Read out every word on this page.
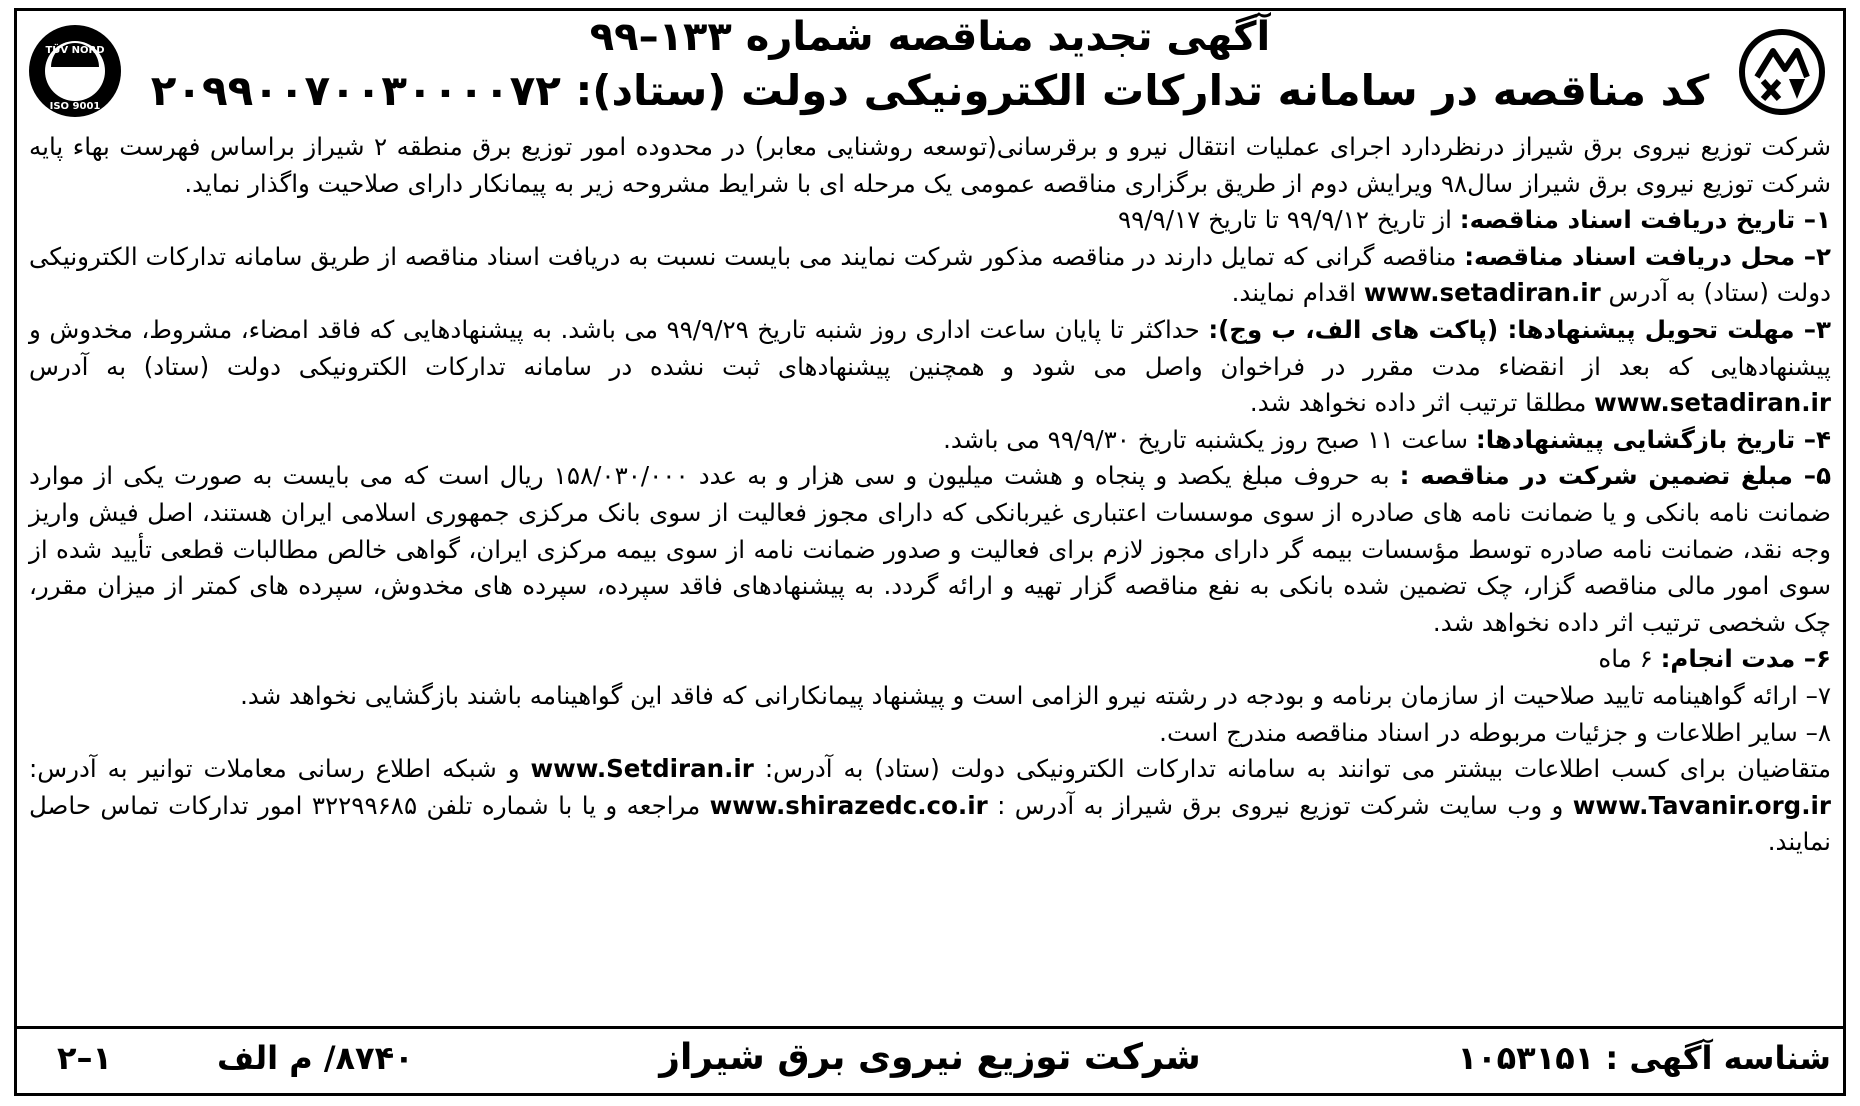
TÜV NORD
ISO 9001
آگهی تجدید مناقصه شماره ۱۳۳–۹۹
کد مناقصه در سامانه تدارکات الکترونیکی دولت (ستاد): ۲۰۹۹۰۰۷۰۰۳۰۰۰۰۷۲

شرکت توزیع نیروی برق شیراز درنظردارد اجرای عملیات انتقال نیرو و برقرسانی(توسعه روشنایی معابر) در محدوده امور توزیع برق منطقه ۲ شیراز براساس فهرست بهاء پایه شرکت توزیع نیروی برق شیراز سال۹۸ ویرایش دوم از طریق برگزاری مناقصه عمومی یک مرحله ای با شرایط مشروحه زیر به پیمانکار دارای صلاحیت واگذار نماید.

۱– تاریخ دریافت اسناد مناقصه: از تاریخ ۹۹/۹/۱۲ تا تاریخ ۹۹/۹/۱۷

۲– محل دریافت اسناد مناقصه: مناقصه گرانی که تمایل دارند در مناقصه مذکور شرکت نمایند می بایست نسبت به دریافت اسناد مناقصه از طریق سامانه تدارکات الکترونیکی دولت (ستاد) به آدرس www.setadiran.ir اقدام نمایند.

۳– مهلت تحویل پیشنهادها: (پاکت های الف، ب وج): حداکثر تا پایان ساعت اداری روز شنبه تاریخ ۹۹/۹/۲۹ می باشد. به پیشنهادهایی که فاقد امضاء، مشروط، مخدوش و پیشنهادهایی که بعد از انقضاء مدت مقرر در فراخوان واصل می شود و همچنین پیشنهادهای ثبت نشده در سامانه تدارکات الکترونیکی دولت (ستاد) به آدرس www.setadiran.ir مطلقا ترتیب اثر داده نخواهد شد.

۴– تاریخ بازگشایی پیشنهادها: ساعت ۱۱ صبح روز یکشنبه تاریخ ۹۹/۹/۳۰ می باشد.

۵– مبلغ تضمین شرکت در مناقصه : به حروف مبلغ یکصد و پنجاه و هشت میلیون و سی هزار و به عدد ۱۵۸/۰۳۰/۰۰۰ ریال است که می بایست به صورت یکی از موارد ضمانت نامه بانکی و یا ضمانت نامه های صادره از سوی موسسات اعتباری غیربانکی که دارای مجوز فعالیت از سوی بانک مرکزی جمهوری اسلامی ایران هستند، اصل فیش واریز وجه نقد، ضمانت نامه صادره توسط مؤسسات بیمه گر دارای مجوز لازم برای فعالیت و صدور ضمانت نامه از سوی بیمه مرکزی ایران، گواهی خالص مطالبات قطعی تأیید شده از سوی امور مالی مناقصه گزار، چک تضمین شده بانکی به نفع مناقصه گزار تهیه و ارائه گردد. به پیشنهادهای فاقد سپرده، سپرده های مخدوش، سپرده های کمتر از میزان مقرر، چک شخصی ترتیب اثر داده نخواهد شد.

۶– مدت انجام: ۶ ماه

۷– ارائه گواهینامه تایید صلاحیت از سازمان برنامه و بودجه در رشته نیرو الزامی است و پیشنهاد پیمانکارانی که فاقد این گواهینامه باشند بازگشایی نخواهد شد.

۸– سایر اطلاعات و جزئیات مربوطه در اسناد مناقصه مندرج است.

متقاضیان برای کسب اطلاعات بیشتر می توانند به سامانه تدارکات الکترونیکی دولت (ستاد) به آدرس: www.Setdiran.ir و شبکه اطلاع رسانی معاملات توانیر به آدرس: www.Tavanir.org.ir و وب سایت شرکت توزیع نیروی برق شیراز به آدرس : www.shirazedc.co.ir مراجعه و یا با شماره تلفن ۳۲۲۹۹۶۸۵ امور تدارکات تماس حاصل نمایند.

شناسه آگهی : ۱۰۵۳۱۵۱
شرکت توزیع نیروی برق شیراز
۸۷۴۰/ م الف
۱–۲
